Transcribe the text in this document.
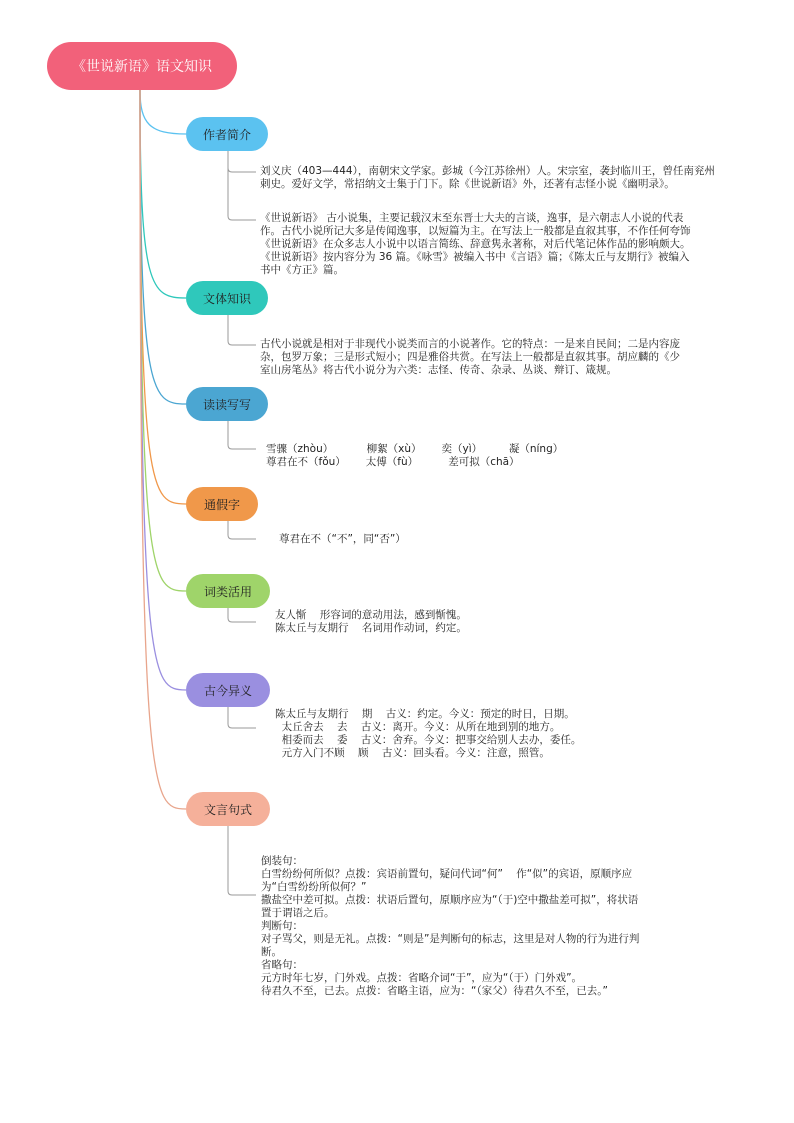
《世说新语》语文知识
作者简介
文体知识
读读写写
通假字
词类活用
古今异义
文言句式
刘义庆（403—444），南朝宋文学家。彭城（今江苏徐州）人。宋宗室，袭封临川王，曾任南兖州
刺史。爱好文学，常招纳文士集于门下。除《世说新语》外，还著有志怪小说《幽明录》。
《世说新语》 古小说集，主要记载汉末至东晋士大夫的言谈，逸事，是六朝志人小说的代表
作。古代小说所记大多是传闻逸事，以短篇为主。在写法上一般都是直叙其事，不作任何夸饰
《世说新语》在众多志人小说中以语言简练、辞意隽永著称，对后代笔记体作品的影响颇大。
《世说新语》按内容分为 36 篇。《咏雪》被编入书中《言语》篇；《陈太丘与友期行》被编入
书中《方正》篇。
古代小说就是相对于非现代小说类而言的小说著作。它的特点：一是来自民间；二是内容庞
杂，包罗万象；三是形式短小；四是雅俗共赏。在写法上一般都是直叙其事。胡应麟的《少
室山房笔丛》将古代小说分为六类：志怪、传奇、杂录、丛谈、辩订、箴规。
雪骤（zhòu）          柳絮（xù）      奕（yì）        凝（níng）
尊君在不（fǒu）      太傅（fù）         差可拟（chā）
尊君在不（“不”，同“否”）
友人惭    形容词的意动用法，感到惭愧。
陈太丘与友期行    名词用作动词，约定。
陈太丘与友期行    期    古义：约定。今义：预定的时日，日期。
太丘舍去    去    古义：离开。今义：从所在地到别的地方。
相委而去    委    古义：舍弃。今义：把事交给别人去办，委任。
元方入门不顾    顾    古义：回头看。今义：注意，照管。
倒装句：
白雪纷纷何所似？点拨：宾语前置句，疑问代词“何”    作“似”的宾语，原顺序应
为“白雪纷纷所似何？”
撒盐空中差可拟。点拨：状语后置句，原顺序应为“（于)空中撒盐差可拟”，将状语
置于谓语之后。
判断句：
对子骂父，则是无礼。点拨：“则是”是判断句的标志，这里是对人物的行为进行判
断。
省略句：
元方时年七岁，门外戏。点拨：省略介词“于”，应为“（于）门外戏”。
待君久不至，已去。点拨：省略主语，应为：“（家父）待君久不至，已去。”
